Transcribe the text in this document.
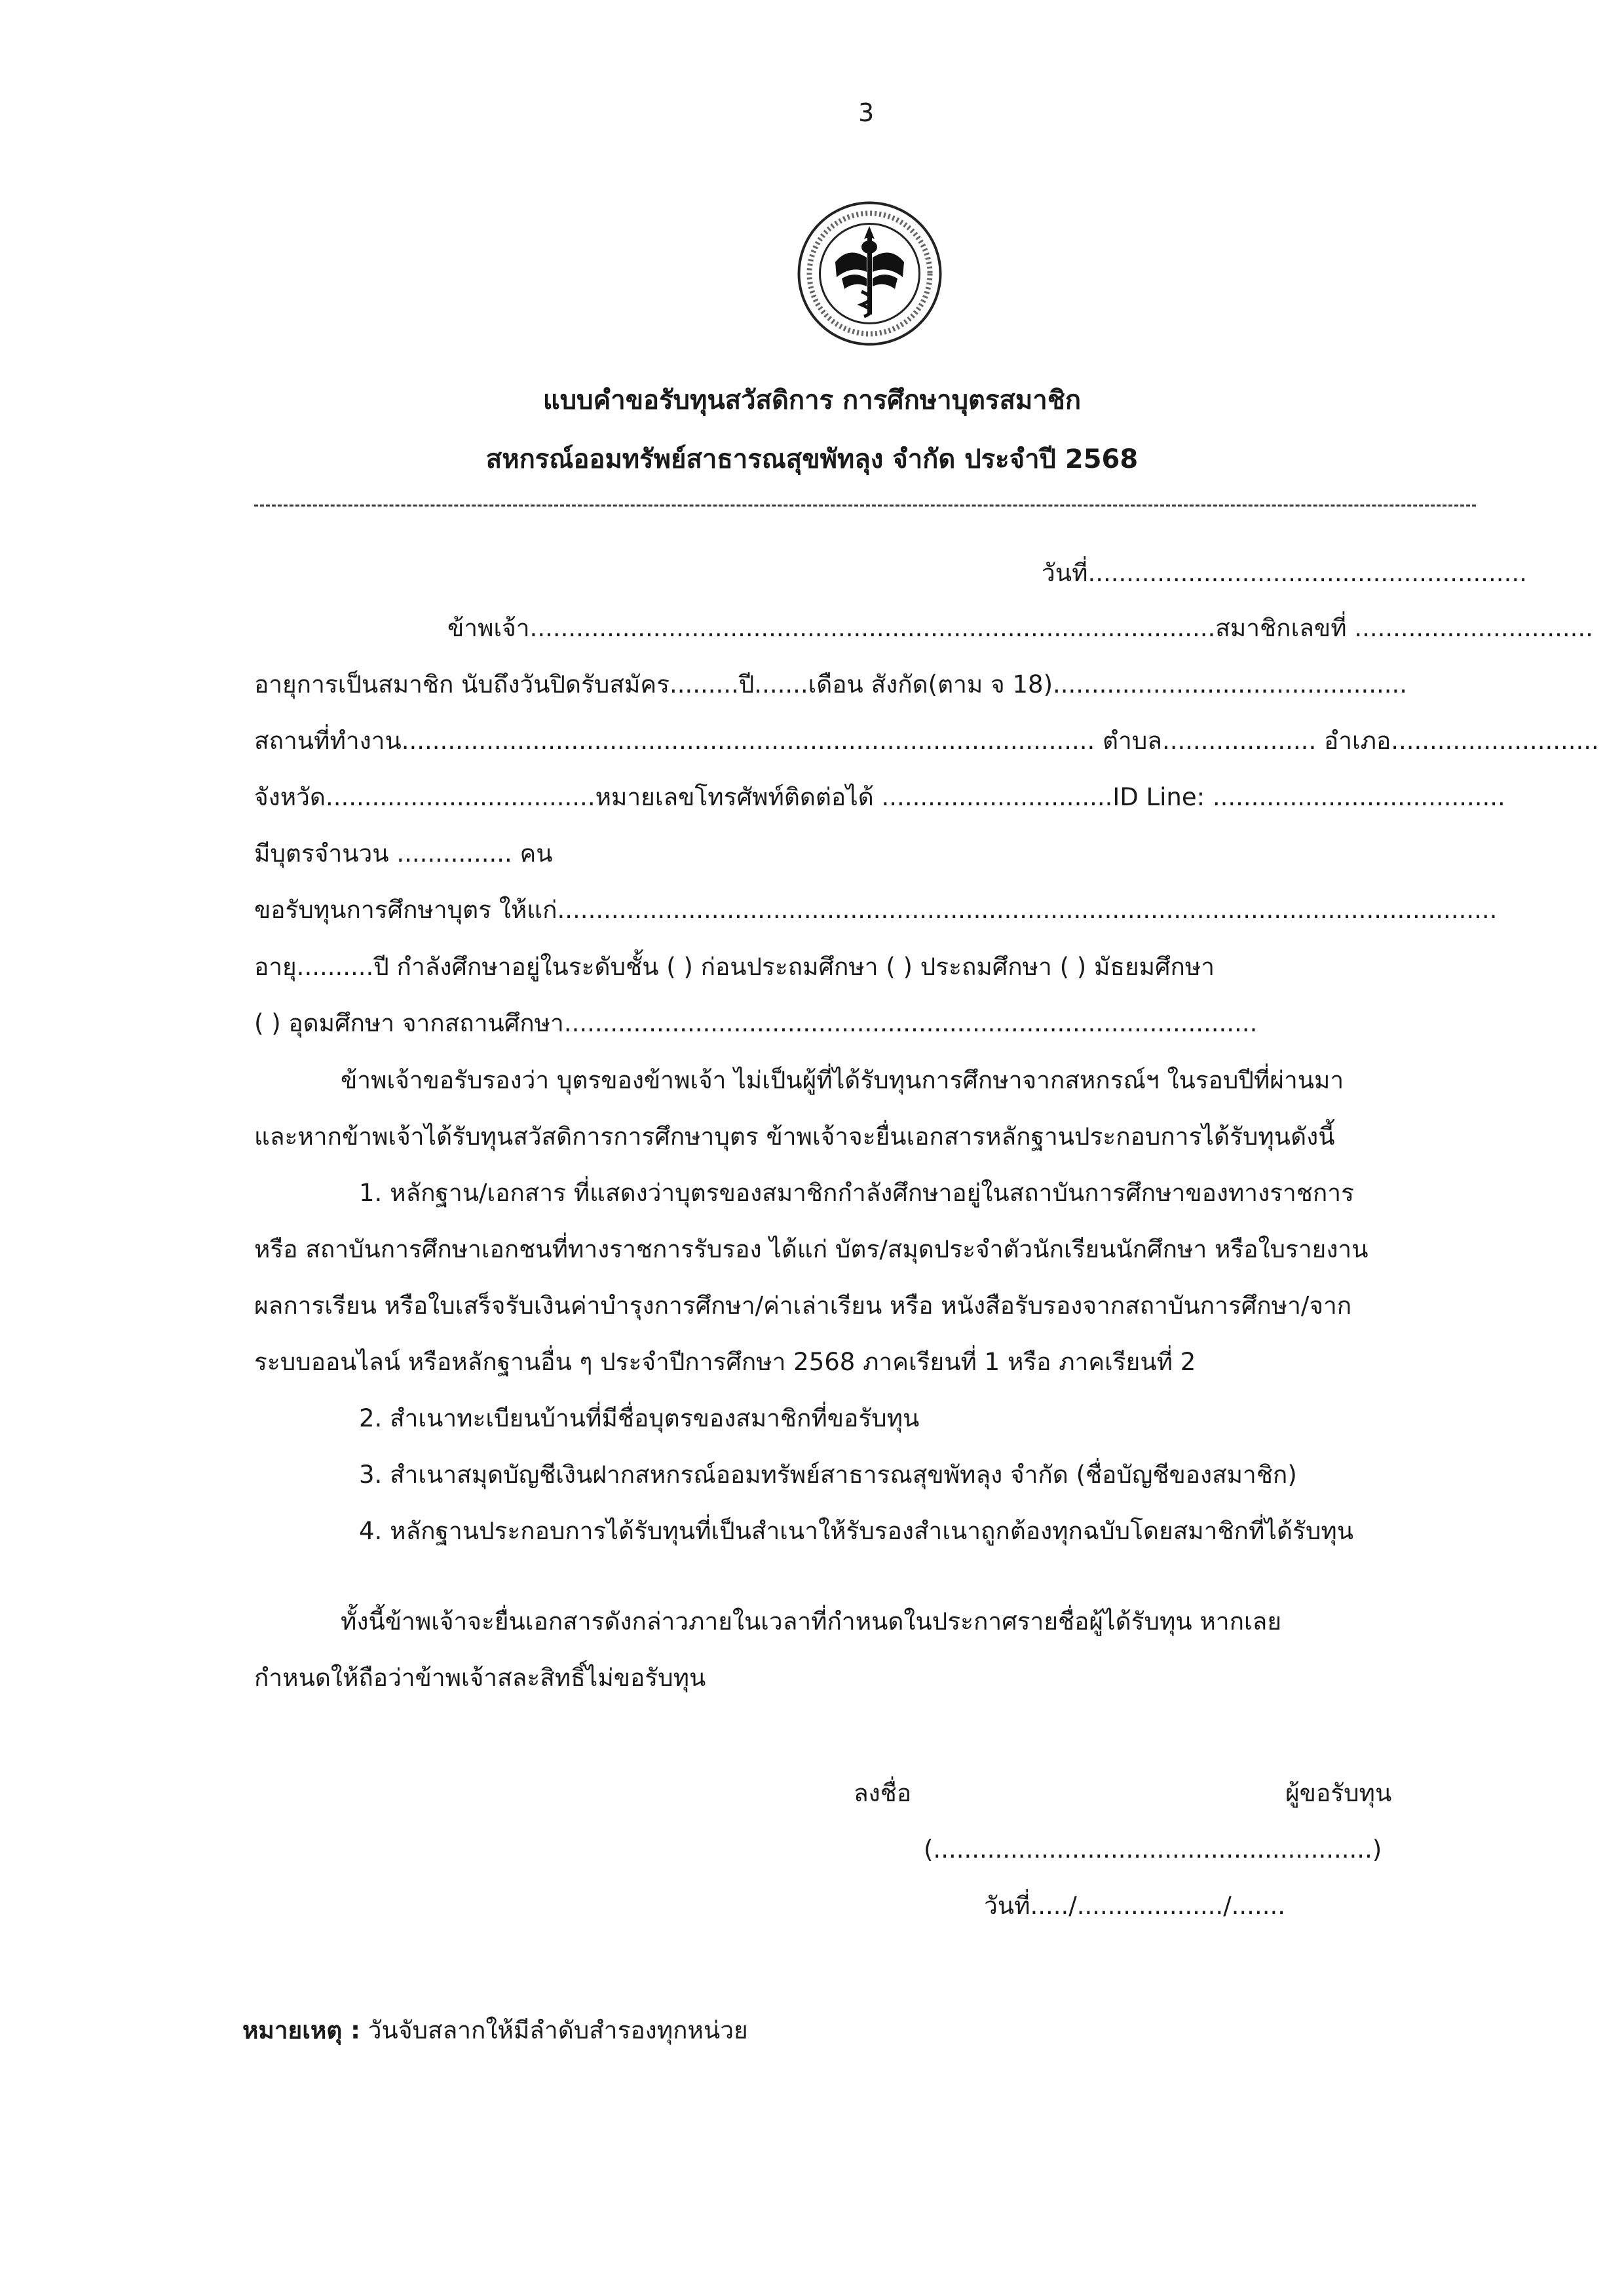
3
แบบคำขอรับทุนสวัสดิการ การศึกษาบุตรสมาชิก
สหกรณ์ออมทรัพย์สาธารณสุขพัทลุง จำกัด ประจำปี 2568
วันที่.........................................................
ข้าพเจ้า.........................................................................................สมาชิกเลขที่ ...............................
อายุการเป็นสมาชิก นับถึงวันปิดรับสมัคร.........ปี.......เดือน สังกัด(ตาม จ 18)..............................................
สถานที่ทำงาน.......................................................................................... ตำบล.................... อำเภอ...........................
จังหวัด...................................หมายเลขโทรศัพท์ติดต่อได้ ..............................ID Line: ......................................
มีบุตรจำนวน ............... คน
ขอรับทุนการศึกษาบุตร ให้แก่..........................................................................................................................
อายุ..........ปี กำลังศึกษาอยู่ในระดับชั้น ( ) ก่อนประถมศึกษา ( ) ประถมศึกษา ( ) มัธยมศึกษา
( ) อุดมศึกษา จากสถานศึกษา..........................................................................................
ข้าพเจ้าขอรับรองว่า บุตรของข้าพเจ้า ไม่เป็นผู้ที่ได้รับทุนการศึกษาจากสหกรณ์ฯ ในรอบปีที่ผ่านมา
และหากข้าพเจ้าได้รับทุนสวัสดิการการศึกษาบุตร ข้าพเจ้าจะยื่นเอกสารหลักฐานประกอบการได้รับทุนดังนี้
1. หลักฐาน/เอกสาร ที่แสดงว่าบุตรของสมาชิกกำลังศึกษาอยู่ในสถาบันการศึกษาของทางราชการ
หรือ สถาบันการศึกษาเอกชนที่ทางราชการรับรอง ได้แก่ บัตร/สมุดประจำตัวนักเรียนนักศึกษา หรือใบรายงาน
ผลการเรียน หรือใบเสร็จรับเงินค่าบำรุงการศึกษา/ค่าเล่าเรียน หรือ หนังสือรับรองจากสถาบันการศึกษา/จาก
ระบบออนไลน์ หรือหลักฐานอื่น ๆ ประจำปีการศึกษา 2568 ภาคเรียนที่ 1 หรือ ภาคเรียนที่ 2
2. สำเนาทะเบียนบ้านที่มีชื่อบุตรของสมาชิกที่ขอรับทุน
3. สำเนาสมุดบัญชีเงินฝากสหกรณ์ออมทรัพย์สาธารณสุขพัทลุง จำกัด (ชื่อบัญชีของสมาชิก)
4. หลักฐานประกอบการได้รับทุนที่เป็นสำเนาให้รับรองสำเนาถูกต้องทุกฉบับโดยสมาชิกที่ได้รับทุน
ทั้งนี้ข้าพเจ้าจะยื่นเอกสารดังกล่าวภายในเวลาที่กำหนดในประกาศรายชื่อผู้ได้รับทุน หากเลย
กำหนดให้ถือว่าข้าพเจ้าสละสิทธิ์ไม่ขอรับทุน
ลงชื่อ	ผู้ขอรับทุน
(.........................................................)
วันที่...../.................../.......
หมายเหตุ : วันจับสลากให้มีลำดับสำรองทุกหน่วย
